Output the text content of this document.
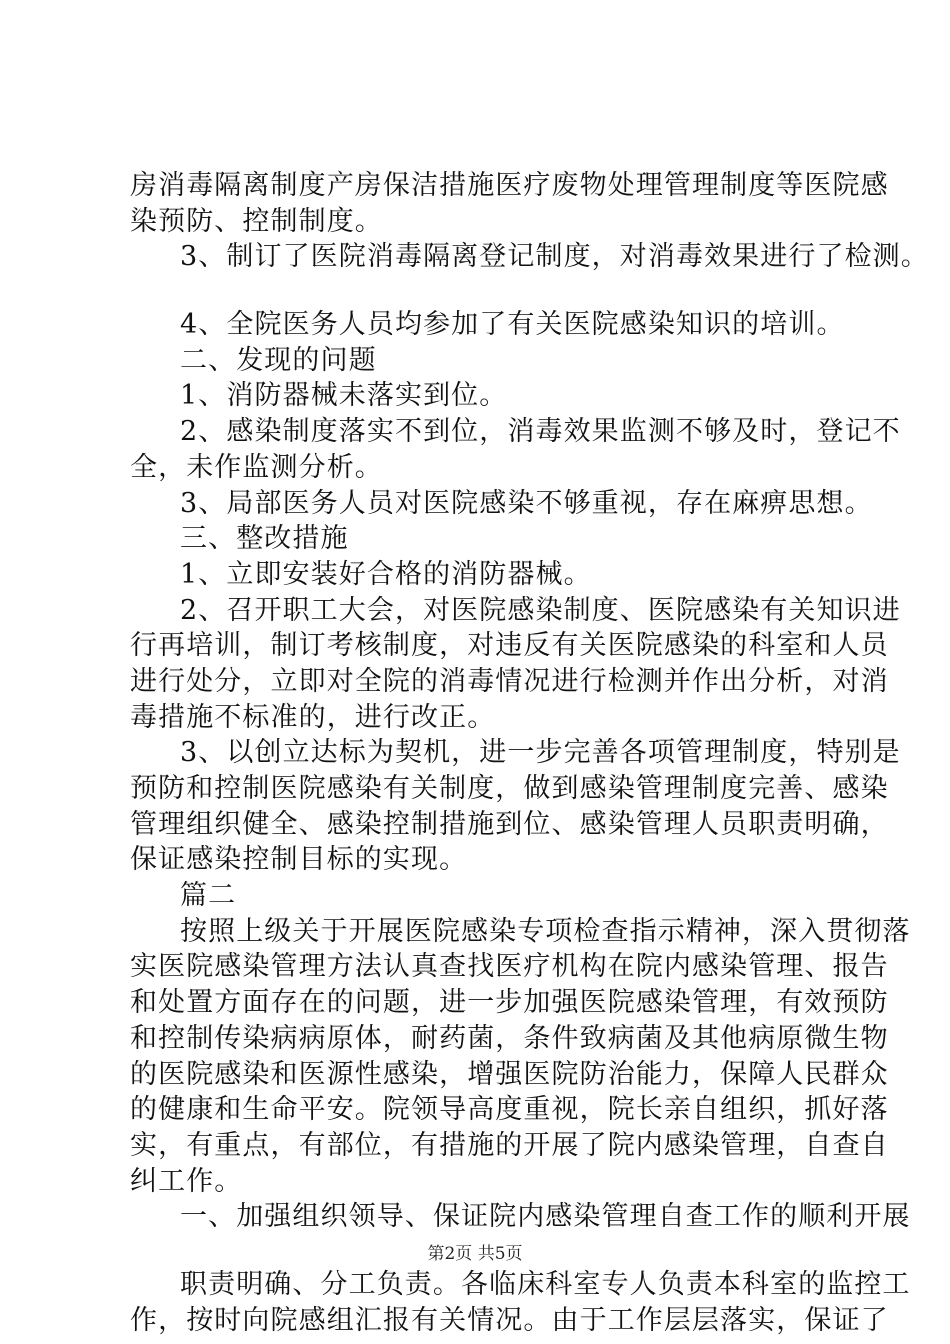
房消毒隔离制度产房保洁措施医疗废物处理管理制度等医院感
染预防、控制制度。
3、制订了医院消毒隔离登记制度，对消毒效果进行了检测。
4、全院医务人员均参加了有关医院感染知识的培训。
二、发现的问题
1、消防器械未落实到位。
2、感染制度落实不到位，消毒效果监测不够及时，登记不
全，未作监测分析。
3、局部医务人员对医院感染不够重视，存在麻痹思想。
三、整改措施
1、立即安装好合格的消防器械。
2、召开职工大会，对医院感染制度、医院感染有关知识进
行再培训，制订考核制度，对违反有关医院感染的科室和人员
进行处分，立即对全院的消毒情况进行检测并作出分析，对消
毒措施不标准的，进行改正。
3、以创立达标为契机，进一步完善各项管理制度，特别是
预防和控制医院感染有关制度，做到感染管理制度完善、感染
管理组织健全、感染控制措施到位、感染管理人员职责明确，
保证感染控制目标的实现。
篇二
按照上级关于开展医院感染专项检查指示精神，深入贯彻落
实医院感染管理方法认真查找医疗机构在院内感染管理、报告
和处置方面存在的问题，进一步加强医院感染管理，有效预防
和控制传染病病原体，耐药菌，条件致病菌及其他病原微生物
的医院感染和医源性感染，增强医院防治能力，保障人民群众
的健康和生命平安。院领导高度重视，院长亲自组织，抓好落
实，有重点，有部位，有措施的开展了院内感染管理，自查自
纠工作。
一、加强组织领导、保证院内感染管理自查工作的顺利开展
职责明确、分工负责。各临床科室专人负责本科室的监控工
作，按时向院感组汇报有关情况。由于工作层层落实，保证了
第2页 共5页
